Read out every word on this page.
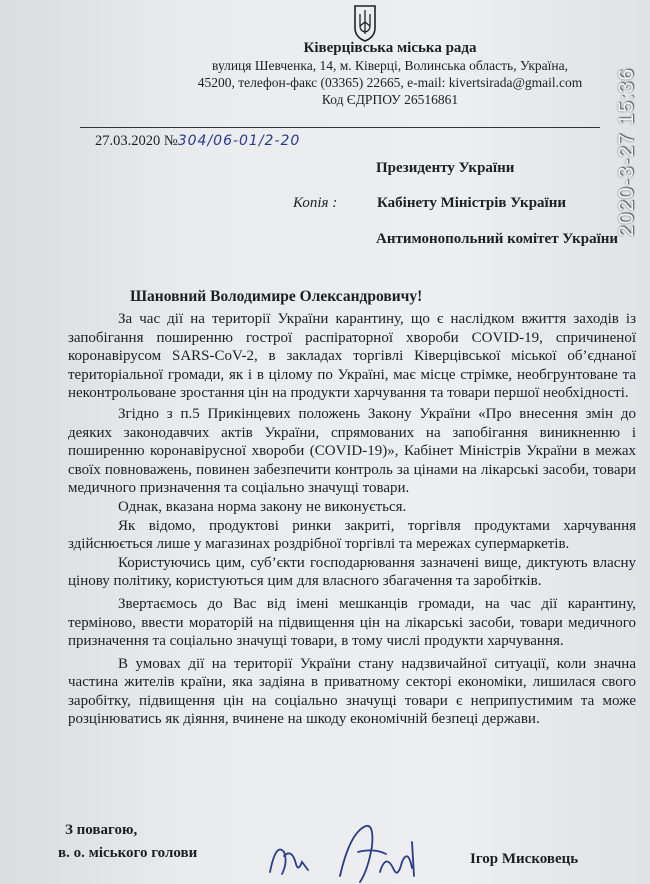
2020-3-27 15:36
Ківерцівська міська рада
вулиця Шевченка, 14, м. Ківерці, Волинська область, Україна,
45200, телефон-факс (03365) 22665, e-mail: kivertsirada@gmail.com
Код ЄДРПОУ 26516861
27.03.2020 №304/06-01/2-20
Президенту України
Копія :	Кабінету Міністрів України
Антимонопольний комітет України
Шановний Володимире Олександровичу!

За час дії на території України карантину, що є наслідком вжиття заходів із запобігання поширенню гострої распіраторної хвороби COVID-19, спричиненої коронавірусом SARS-CoV-2, в закладах торгівлі Ківерцівської міської об’єднаної територіальної громади, як і в цілому по Україні, має місце стрімке, необгрунтоване та неконтрольоване зростання цін на продукти харчування та товари першої необхідності.

Згідно з п.5 Прикінцевих положень Закону України «Про внесення змін до деяких законодавчих актів України, спрямованих на запобігання виникненню і поширенню коронавірусної хвороби (COVID-19)», Кабінет Міністрів України в межах своїх повноважень, повинен забезпечити контроль за цінами на лікарські засоби, товари медичного призначення та соціально значущі товари.

Однак, вказана норма закону не виконується.

Як відомо, продуктові ринки закриті, торгівля продуктами харчування здійснюється лише у магазинах роздрібної торгівлі та мережах супермаркетів.

Користуючись цим, суб’єкти господарювання зазначені вище, диктують власну цінову політику, користуються цим для власного збагачення та заробітків.

Звертаємось до Вас від імені мешканців громади, на час дії карантину, терміново, ввести мораторій на підвищення цін на лікарські засоби, товари медичного призначення та соціально значущі товари, в тому числі продукти харчування.

В умовах дії на території України стану надзвичайної ситуації, коли значна частина жителів країни, яка задіяна в приватному секторі економіки, лишилася свого заробітку, підвищення цін на соціально значущі товари є неприпустимим та може розцінюватись як діяння, вчинене на шкоду економічній безпеці держави.

З повагою,
в. о. міського голови	Ігор Мисковець
